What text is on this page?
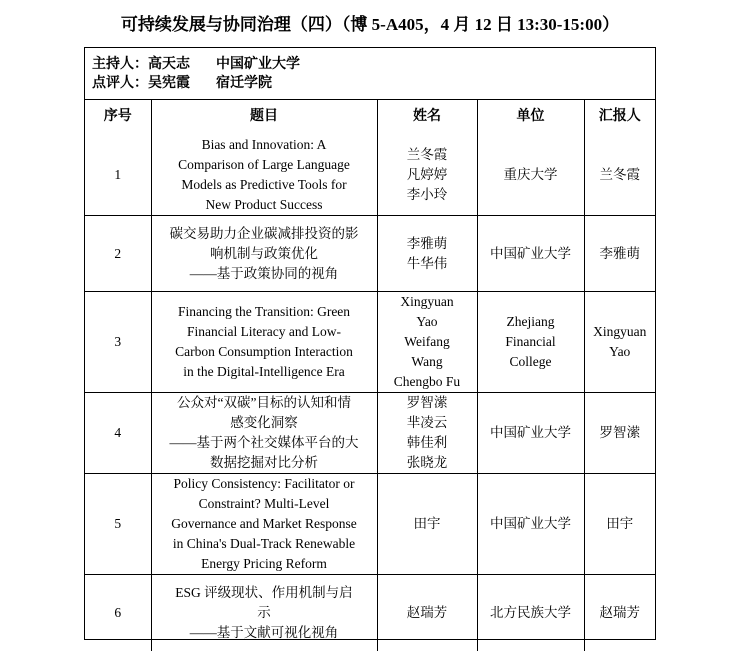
可持续发展与协同治理（四）（博 5-A405，4 月 12 日 13:30-15:00）
主持人：高天志 中国矿业大学
点评人：吴宪霞 宿迁学院
序号	题目	姓名	单位	汇报人
1	Bias and Innovation: A
Comparison of Large Language
Models as Predictive Tools for
New Product Success	兰冬霞
凡婷婷
李小玲	重庆大学	兰冬霞

2	碳交易助力企业碳减排投资的影
响机制与政策优化
——基于政策协同的视角	李雅萌
牛华伟	中国矿业大学	李雅萌

3	Financing the Transition: Green
Financial Literacy and Low-
Carbon Consumption Interaction
in the Digital-Intelligence Era	Xingyuan
Yao
Weifang
Wang
Chengbo Fu	Zhejiang
Financial
College	Xingyuan
Yao

4	公众对“双碳”目标的认知和情
感变化洞察
——基于两个社交媒体平台的大
数据挖掘对比分析	罗智潆
芈凌云
韩佳利
张晓龙	中国矿业大学	罗智潆

5	Policy Consistency: Facilitator or
Constraint? Multi-Level
Governance and Market Response
in China's Dual-Track Renewable
Energy Pricing Reform	田宇	中国矿业大学	田宇

6	ESG 评级现状、作用机制与启
示
——基于文献可视化视角	赵瑞芳	北方民族大学	赵瑞芳
